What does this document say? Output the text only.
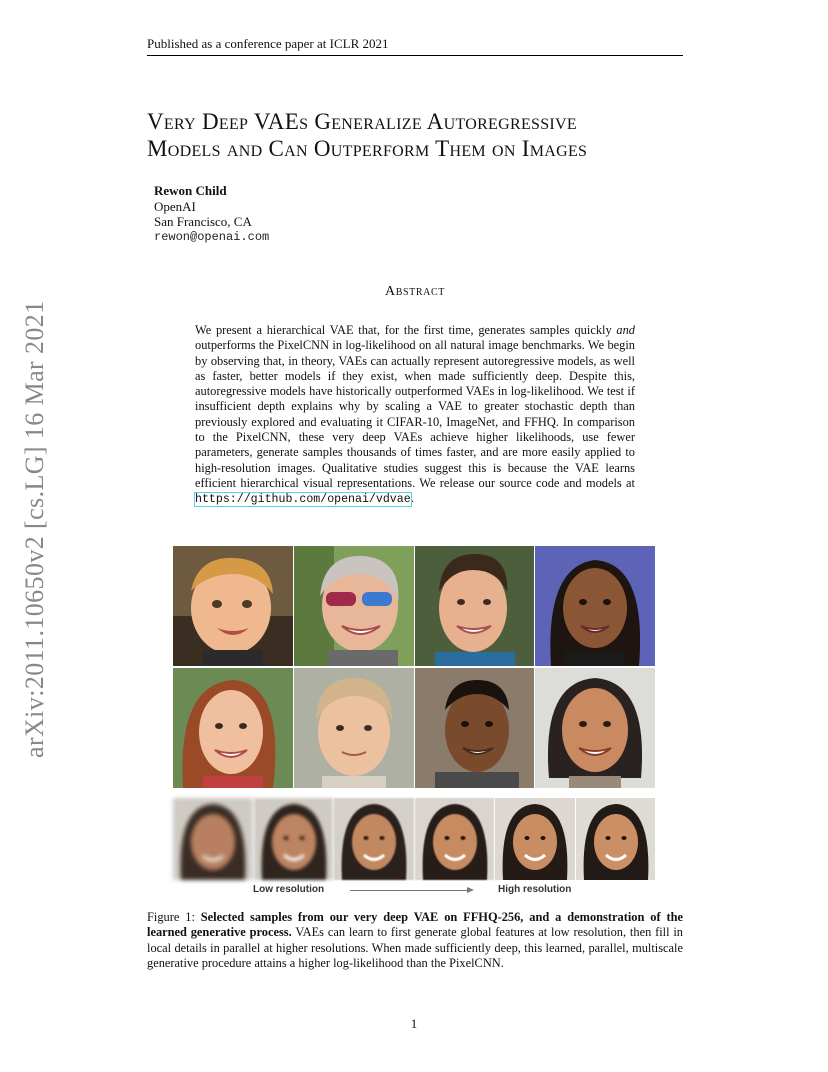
Published as a conference paper at ICLR 2021
Very Deep VAEs Generalize Autoregressive
Models and Can Outperform Them on Images
Rewon Child
OpenAI
San Francisco, CA
rewon@openai.com
arXiv:2011.10650v2 [cs.LG] 16 Mar 2021
Abstract
We present a hierarchical VAE that, for the first time, generates samples quickly and outperforms the PixelCNN in log-likelihood on all natural image benchmarks. We begin by observing that, in theory, VAEs can actually represent autoregressive models, as well as faster, better models if they exist, when made sufficiently deep. Despite this, autoregressive models have historically outperformed VAEs in log-likelihood. We test if insufficient depth explains why by scaling a VAE to greater stochastic depth than previously explored and evaluating it CIFAR-10, ImageNet, and FFHQ. In comparison to the PixelCNN, these very deep VAEs achieve higher likelihoods, use fewer parameters, generate samples thousands of times faster, and are more easily applied to high-resolution images. Qualitative studies suggest this is because the VAE learns efficient hierarchical visual representations. We release our source code and models at https://github.com/openai/vdvae.
Low resolution	High resolution
Figure 1: Selected samples from our very deep VAE on FFHQ-256, and a demonstration of the learned generative process. VAEs can learn to first generate global features at low resolution, then fill in local details in parallel at higher resolutions. When made sufficiently deep, this learned, parallel, multiscale generative procedure attains a higher log-likelihood than the PixelCNN.
1
